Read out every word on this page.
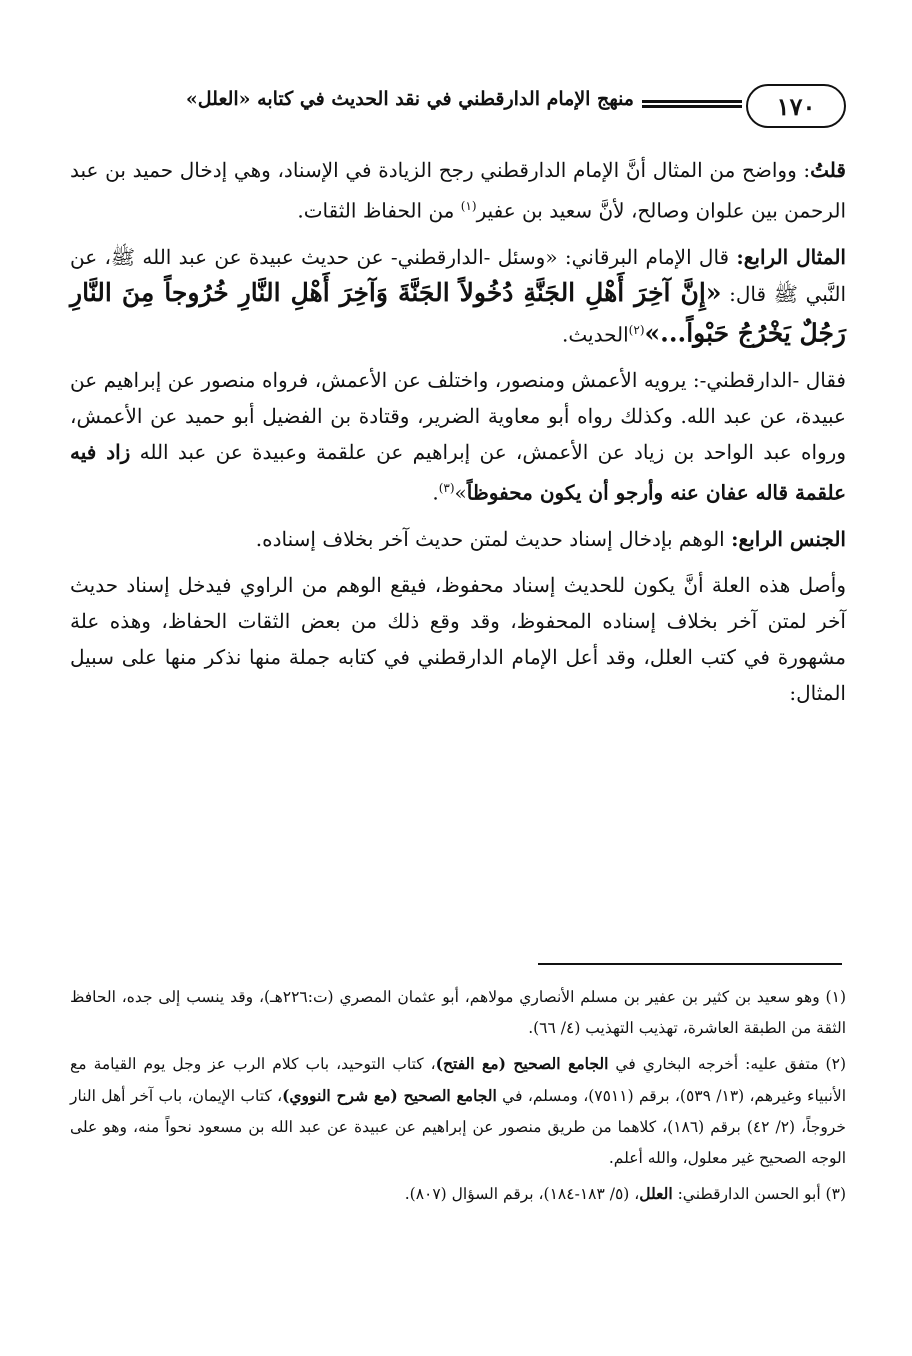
١٧٠
منهج الإمام الدارقطني في نقد الحديث في كتابه «العلل»

قلتُ: وواضح من المثال أنَّ الإمام الدارقطني رجح الزيادة في الإسناد، وهي إدخال حميد بن عبد الرحمن بين علوان وصالح، لأنَّ سعيد بن عفير$^{(١)}$ من الحفاظ الثقات.

المثال الرابع: قال الإمام البرقاني: «وسئل -الدارقطني- عن حديث عبيدة عن عبد الله ﷺ، عن النَّبي ﷺ قال: «إِنَّ آخِرَ أَهْلِ الجَنَّةِ دُخُولاً الجَنَّةَ وَآخِرَ أَهْلِ النَّارِ خُرُوجاً مِنَ النَّارِ رَجُلٌ يَخْرُجُ حَبْواً...»$^{(٢)}$الحديث.

فقال -الدارقطني-: يرويه الأعمش ومنصور، واختلف عن الأعمش، فرواه منصور عن إبراهيم عن عبيدة، عن عبد الله. وكذلك رواه أبو معاوية الضرير، وقتادة بن الفضيل أبو حميد عن الأعمش، ورواه عبد الواحد بن زياد عن الأعمش، عن إبراهيم عن علقمة وعبيدة عن عبد الله زاد فيه علقمة قاله عفان عنه وأرجو أن يكون محفوظاً»$^{(٣)}$.

الجنس الرابع: الوهم بإدخال إسناد حديث لمتن حديث آخر بخلاف إسناده.

وأصل هذه العلة أنَّ يكون للحديث إسناد محفوظ، فيقع الوهم من الراوي فيدخل إسناد حديث آخر لمتن آخر بخلاف إسناده المحفوظ، وقد وقع ذلك من بعض الثقات الحفاظ، وهذه علة مشهورة في كتب العلل، وقد أعل الإمام الدارقطني في كتابه جملة منها نذكر منها على سبيل المثال:

(١) وهو سعيد بن كثير بن عفير بن مسلم الأنصاري مولاهم، أبو عثمان المصري (ت:٢٢٦هـ)، وقد ينسب إلى جده، الحافظ الثقة من الطبقة العاشرة، تهذيب التهذيب (٤/ ٦٦).

(٢) متفق عليه: أخرجه البخاري في الجامع الصحيح (مع الفتح)، كتاب التوحيد، باب كلام الرب عز وجل يوم القيامة مع الأنبياء وغيرهم، (١٣/ ٥٣٩)، برقم (٧٥١١)، ومسلم، في الجامع الصحيح (مع شرح النووي)، كتاب الإيمان، باب آخر أهل النار خروجاً، (٢/ ٤٢) برقم (١٨٦)، كلاهما من طريق منصور عن إبراهيم عن عبيدة عن عبد الله بن مسعود نحواً منه، وهو على الوجه الصحيح غير معلول، والله أعلم.

(٣) أبو الحسن الدارقطني: العلل، (٥/ ١٨٣-١٨٤)، برقم السؤال (٨٠٧).
